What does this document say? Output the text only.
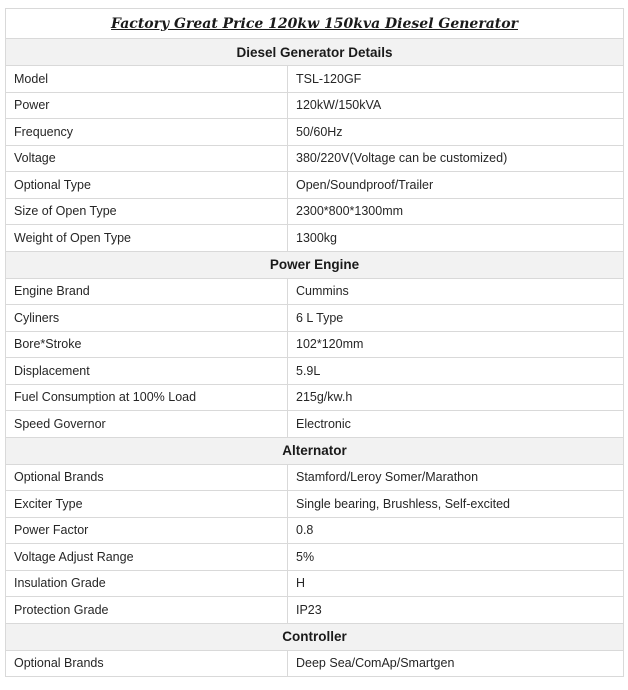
Factory Great Price 120kw 150kva Diesel Generator	
Diesel Generator Details	
Model	TSL-120GF
Power	120kW/150kVA
Frequency	50/60Hz
Voltage	380/220V(Voltage can be customized)
Optional Type	Open/Soundproof/Trailer
Size of Open Type	2300*800*1300mm
Weight of Open Type	1300kg
Power Engine	
Engine Brand	Cummins
Cyliners	6 L Type
Bore*Stroke	102*120mm
Displacement	5.9L
Fuel Consumption at 100% Load	215g/kw.h
Speed Governor	Electronic
Alternator	
Optional Brands	Stamford/Leroy Somer/Marathon
Exciter Type	Single bearing, Brushless, Self-excited
Power Factor	0.8
Voltage Adjust Range	5%
Insulation Grade	H
Protection Grade	IP23
Controller	
Optional Brands	Deep Sea/ComAp/Smartgen
